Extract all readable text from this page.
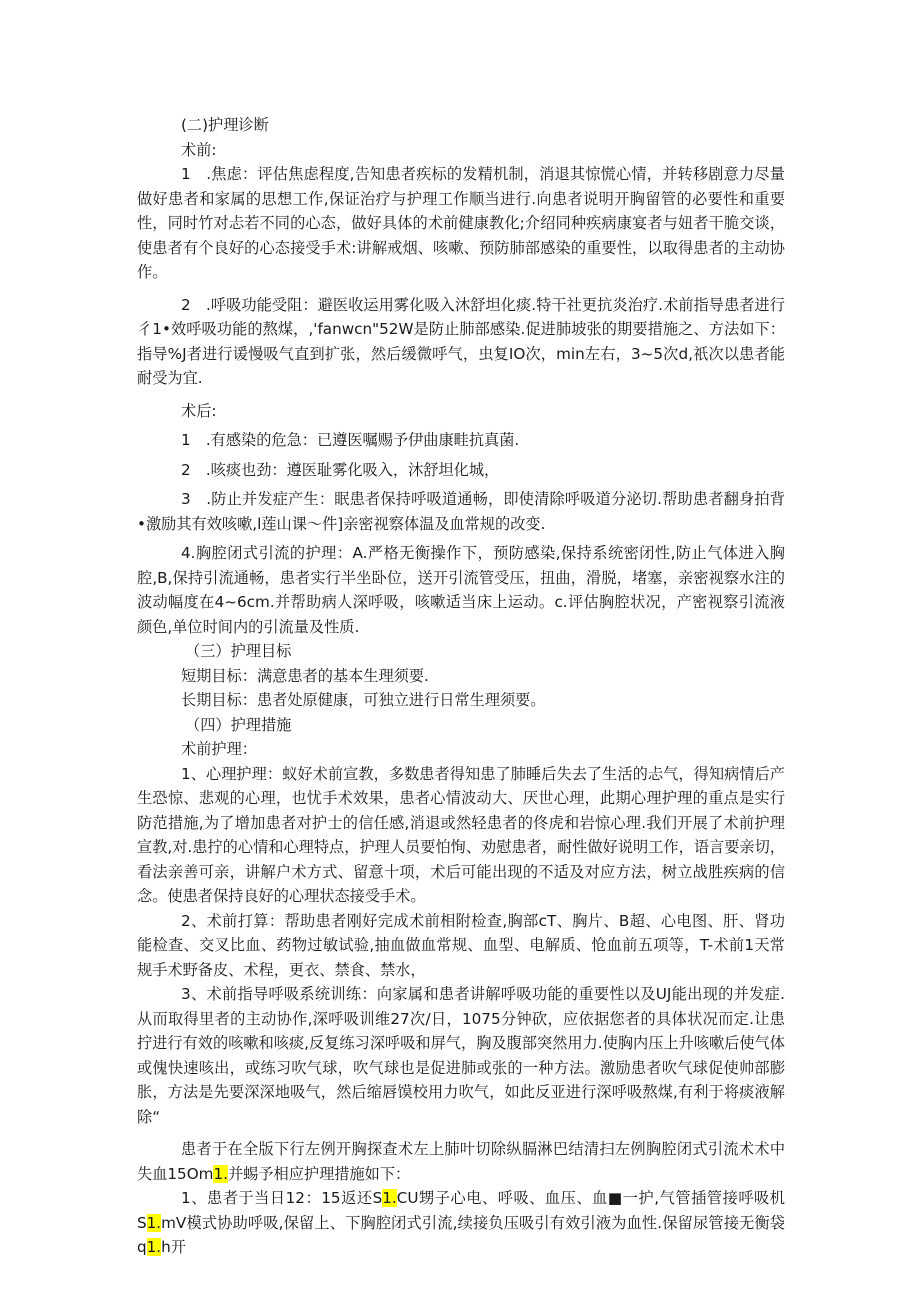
(二)护理诊断

术前:

1　.焦虑：评估焦虑程度,告知患者疾标的发精机制，消退其惊慌心情，并转移剧意力尽量做好患者和家属的思想工作,保证治疗与护理工作顺当进行.向患者说明开胸留管的必要性和重要性，同时竹对忐若不同的心态，做好具体的术前健康教化;介绍同种疾病康宴者与妞者干脆交谈，使患者有个良好的心态接受手术:讲解戒烟、咳嗽、预防肺部感染的重要性，以取得患者的主动协作。

2　.呼吸功能受阻：避医收运用雾化吸入沐舒坦化痰.特干社更抗炎治疗.术前指导患者进行彳1•效呼吸功能的熬煤，,'fanwcn"52W是防止肺部感染.促进肺坡张的期要措施之、方法如下：指导%J者进行谖慢吸气直到扩张，然后缓微呼气，虫复IO次，min左右，3~5次d,祇次以患者能耐受为宜.

术后:

1　.有感染的危急：已遵医嘱赐予伊曲康畦抗真菌.

2　.咳痰也劲：遵医耻雾化吸入，沐舒坦化城，

3　.防止并发症产生：眠患者保持呼吸道通畅，即使清除呼吸道分泌切.帮助患者翻身拍背•激励其有效咳嗽,l莲山课〜件]亲密视察体温及血常规的改变.

4.胸腔闭式引流的护理：A.严格无衡操作下，预防感染,保持系统密闭性,防止气体进入胸腔,B,保持引流通畅，患者实行半坐卧位，送开引流管受压，扭曲，滑脱，堵塞，亲密视察水注的波动幅度在4~6cm.并帮助病人深呼吸，咳嗽适当床上运动。c.评估胸腔状况，产密视察引流液颜色,单位时间内的引流量及性质.

（三）护理目标

短期目标：满意患者的基本生理须要.

长期目标：患者处原健康，可独立进行日常生理须要。

（四）护理措施

术前护理：

1、心理护理：蚁好术前宣教，多数患者得知患了肺睡后失去了生活的忐气，得知病情后产生恐惊、悲观的心理，也忧手术效果，患者心情波动大、厌世心理，此期心理护理的重点是实行防范措施,为了增加患者对护士的信任感,消退或然轻患者的佟虎和岩惊心理.我们开展了术前护理宣教,对.患拧的心情和心理特点，护理人员要怕恂、劝慰患者，耐性做好说明工作，语言要亲切，看法亲善可亲，讲解户术方式、留意十项，术后可能出现的不适及对应方法，树立战胜疾病的信念。使患者保持良好的心理状态接受手术。

2、术前打算：帮助患者刚好完成术前相附检查,胸部cT、胸片、B超、心电图、肝、肾功能检查、交叉比血、药物过敏试验,抽血做血常规、血型、电解质、怆血前五项等，T-术前1天常规手术野备皮、术程，更衣、禁食、禁水，

3、术前指导呼吸系统训练：向家属和患者讲解呼吸功能的重要性以及UJ能出现的并发症.从而取得里者的主动协作,深呼吸训维27次/日，1075分钟砍，应依据您者的具体状况而定.让患拧进行有效的咳嗽和咳痰,反复练习深呼吸和屏气，胸及腹部突然用力.使胸内压上升咳嗽后使气体或傀快速咳出，或练习吹气球，吹气球也是促进肺或张的一种方法。激励患者吹气球促使帅部膨胀，方法是先要深深地吸气，然后缩唇馍校用力吹气，如此反亚进行深呼吸熬煤,有利于将痰液解除“

患者于在全版下行左例开胸探查术左上肺叶切除纵膈淋巴结清扫左例胸腔闭式引流术术中失血15Om1.并蜴予相应护理措施如下：

1、患者于当日12：15返还S1.CU甥子心电、呼吸、血压、血■一护,气管插管接呼吸机S1.mV模式协助呼吸,保留上、下胸腔闭式引流,续接负压吸引有效引液为血性.保留尿管接无衡袋q1.h开
